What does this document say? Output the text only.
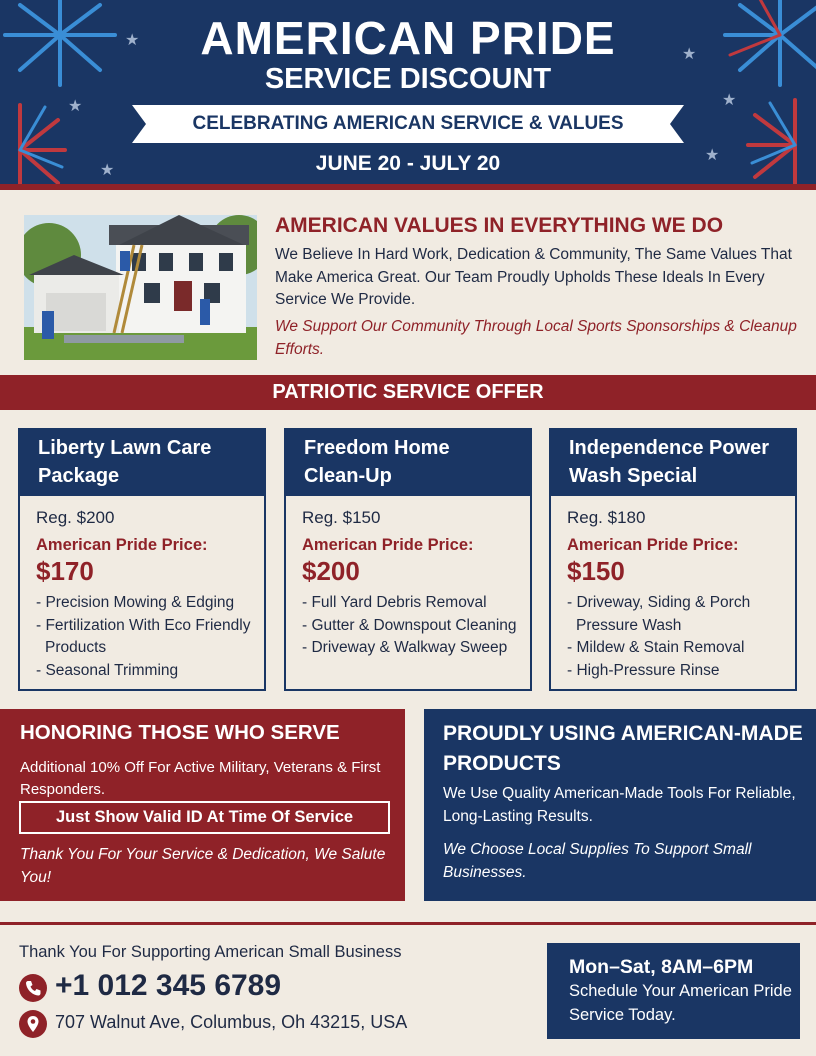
★
★
★
★
★
★
AMERICAN PRIDE
SERVICE DISCOUNT
CELEBRATING AMERICAN SERVICE & VALUES
JUNE 20 - JULY 20
AMERICAN VALUES IN EVERYTHING WE DO
We Believe In Hard Work, Dedication & Community, The Same Values That Make America Great. Our Team Proudly Upholds These Ideals In Every Service We Provide.
We Support Our Community Through Local Sports Sponsorships & Cleanup Efforts.
PATRIOTIC SERVICE OFFER
Liberty Lawn Care Package
Reg. $200
American Pride Price:
$170
- Precision Mowing & Edging
- Fertilization With Eco Friendly Products
- Seasonal Trimming
Freedom Home Clean-Up
Reg. $150
American Pride Price:
$200
- Full Yard Debris Removal
- Gutter & Downspout Cleaning
- Driveway & Walkway Sweep
Independence Power Wash Special
Reg. $180
American Pride Price:
$150
- Driveway, Siding & Porch Pressure Wash
- Mildew & Stain Removal
- High-Pressure Rinse
HONORING THOSE WHO SERVE
Additional 10% Off For Active Military, Veterans & First Responders.
Just Show Valid ID At Time Of Service
Thank You For Your Service & Dedication, We Salute You!
PROUDLY USING AMERICAN-MADE PRODUCTS
We Use Quality American-Made Tools For Reliable, Long-Lasting Results.
We Choose Local Supplies To Support Small Businesses.
Thank You For Supporting American Small Business
+1 012 345 6789
707 Walnut Ave, Columbus, Oh 43215, USA
Mon–Sat, 8AM–6PM
Schedule Your American Pride Service Today.
